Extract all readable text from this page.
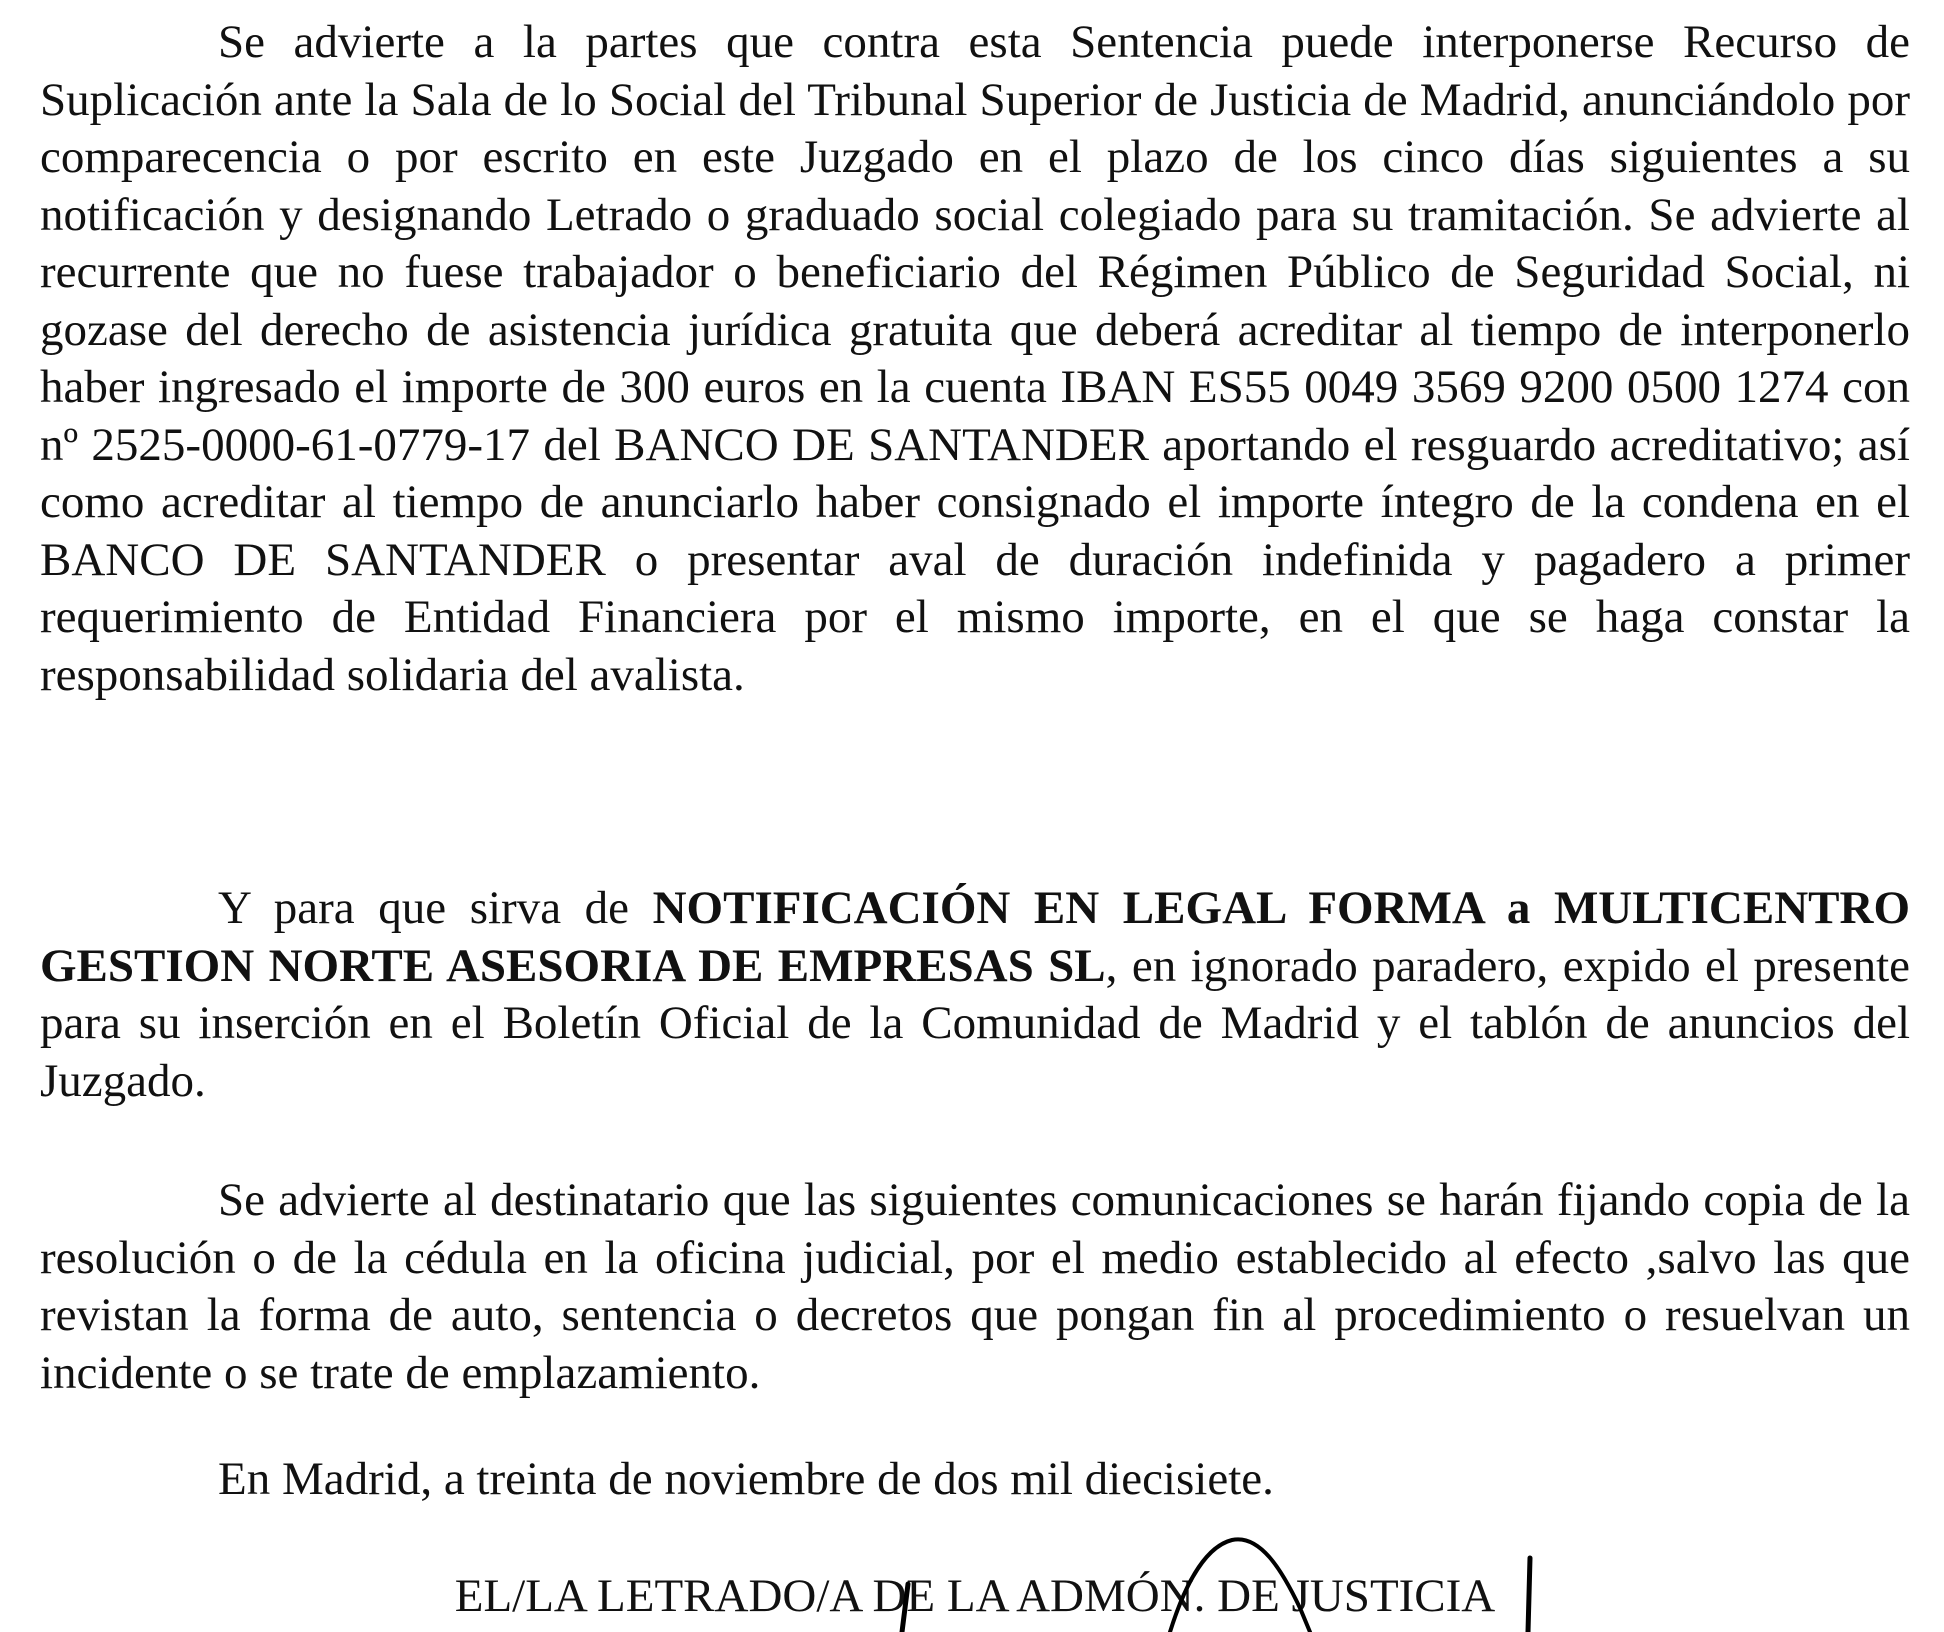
Se advierte a la partes que contra esta Sentencia puede interponerse Recurso de Suplicación ante la Sala de lo Social del Tribunal Superior de Justicia de Madrid, anunciándolo por comparecencia o por escrito en este Juzgado en el plazo de los cinco días siguientes a su notificación y designando Letrado o graduado social colegiado para su tramitación. Se advierte al recurrente que no fuese trabajador o beneficiario del Régimen Público de Seguridad Social, ni gozase del derecho de asistencia jurídica gratuita que deberá acreditar al tiempo de interponerlo haber ingresado el importe de 300 euros en la cuenta IBAN ES55 0049 3569 9200 0500 1274 con nº 2525-0000-61-0779-17 del BANCO DE SANTANDER aportando el resguardo acreditativo; así como acreditar al tiempo de anunciarlo haber consignado el importe íntegro de la condena en el BANCO DE SANTANDER o presentar aval de duración indefinida y pagadero a primer requerimiento de Entidad Financiera por el mismo importe, en el que se haga constar la responsabilidad solidaria del avalista.

Y para que sirva de NOTIFICACIÓN EN LEGAL FORMA a MULTICENTRO GESTION NORTE ASESORIA DE EMPRESAS SL, en ignorado paradero, expido el presente para su inserción en el Boletín Oficial de la Comunidad de Madrid y el tablón de anuncios del Juzgado.

Se advierte al destinatario que las siguientes comunicaciones se harán fijando copia de la resolución o de la cédula en la oficina judicial, por el medio establecido al efecto ,salvo las que revistan la forma de auto, sentencia o decretos que pongan fin al procedimiento o resuelvan un incidente o se trate de emplazamiento.

En Madrid, a treinta de noviembre de dos mil diecisiete.

EL/LA LETRADO/A DE LA ADMÓN. DE JUSTICIA
